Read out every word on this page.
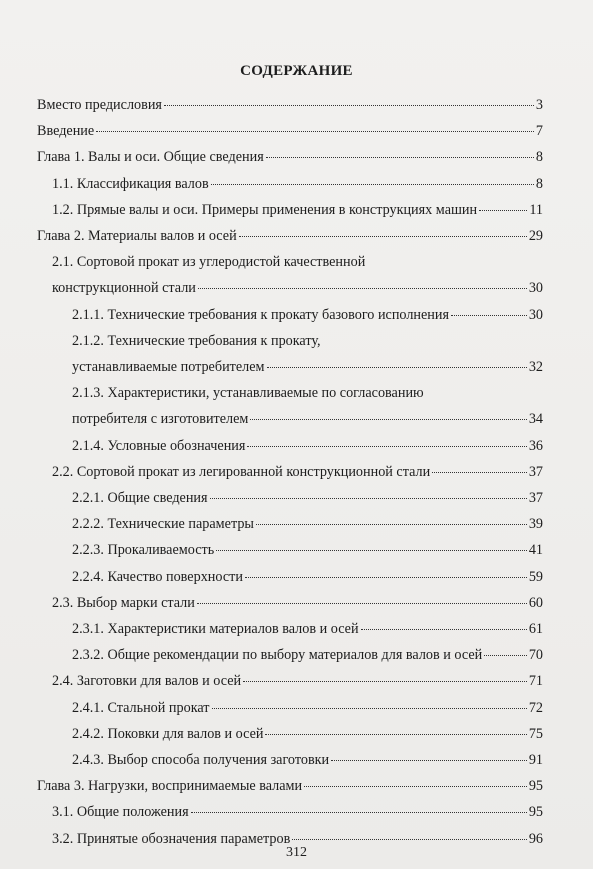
СОДЕРЖАНИЕ
Вместо предисловия	3
Введение	7
Глава 1. Валы и оси. Общие сведения	8
1.1. Классификация валов	8
1.2. Прямые валы и оси. Примеры применения в конструкциях машин	11
Глава 2. Материалы валов и осей	29
2.1. Сортовой прокат из углеродистой качественной
конструкционной стали	30
2.1.1. Технические требования к прокату базового исполнения	30
2.1.2. Технические требования к прокату,
устанавливаемые потребителем	32
2.1.3. Характеристики, устанавливаемые по согласованию
потребителя с изготовителем	34
2.1.4. Условные обозначения	36
2.2. Сортовой прокат из легированной конструкционной стали	37
2.2.1. Общие сведения	37
2.2.2. Технические параметры	39
2.2.3. Прокаливаемость	41
2.2.4. Качество поверхности	59
2.3. Выбор марки стали	60
2.3.1. Характеристики материалов валов и осей	61
2.3.2. Общие рекомендации по выбору материалов для валов и осей	70
2.4. Заготовки для валов и осей	71
2.4.1. Стальной прокат	72
2.4.2. Поковки для валов и осей	75
2.4.3. Выбор способа получения заготовки	91
Глава 3. Нагрузки, воспринимаемые валами	95
3.1. Общие положения	95
3.2. Принятые обозначения параметров	96
312
